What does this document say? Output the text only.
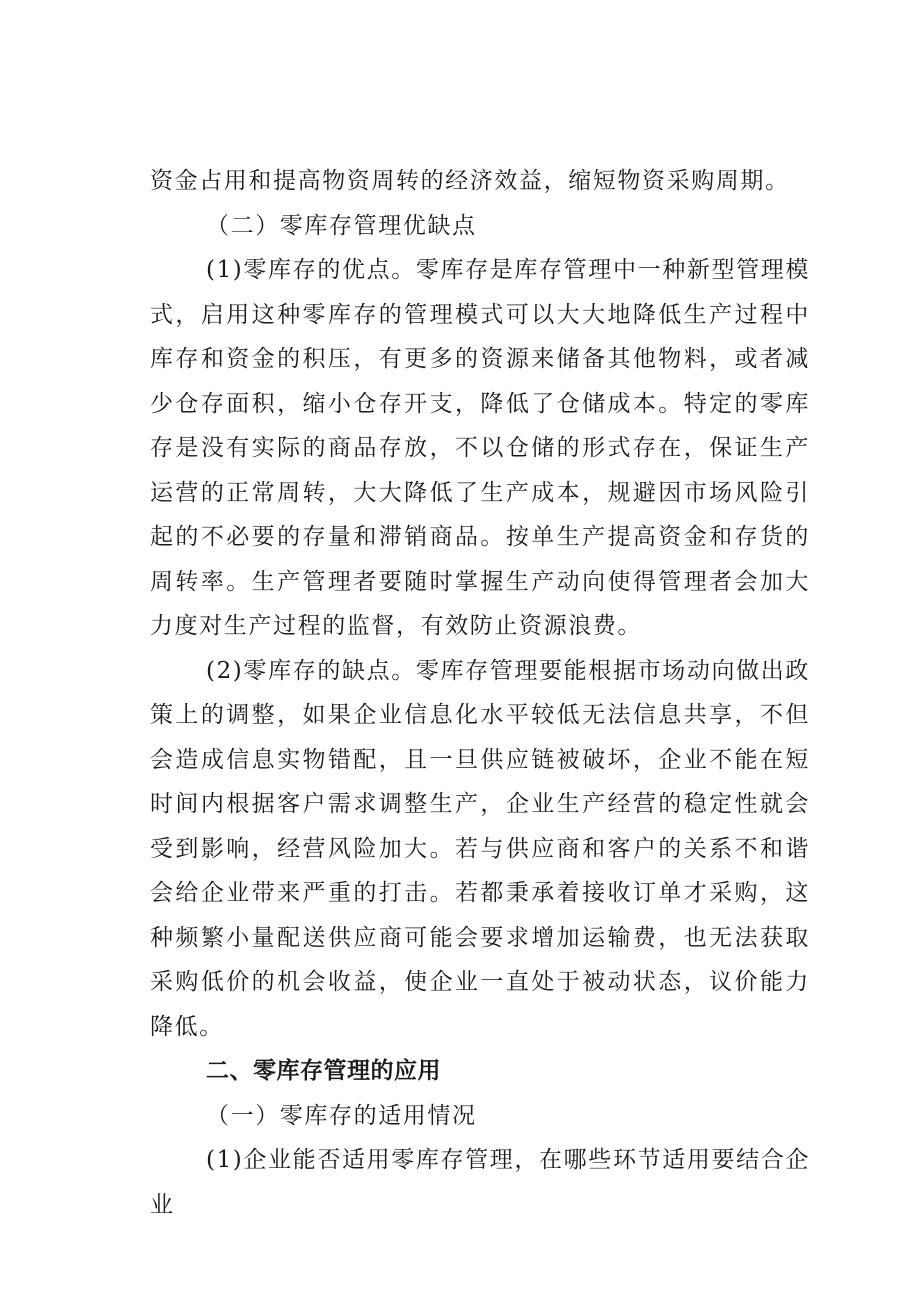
资金占用和提高物资周转的经济效益，缩短物资采购周期。

（二）零库存管理优缺点

(1)零库存的优点。零库存是库存管理中一种新型管理模式，启用这种零库存的管理模式可以大大地降低生产过程中库存和资金的积压，有更多的资源来储备其他物料，或者减少仓存面积，缩小仓存开支，降低了仓储成本。特定的零库存是没有实际的商品存放，不以仓储的形式存在，保证生产运营的正常周转，大大降低了生产成本，规避因市场风险引起的不必要的存量和滞销商品。按单生产提高资金和存货的周转率。生产管理者要随时掌握生产动向使得管理者会加大力度对生产过程的监督，有效防止资源浪费。

(2)零库存的缺点。零库存管理要能根据市场动向做出政策上的调整，如果企业信息化水平较低无法信息共享，不但会造成信息实物错配，且一旦供应链被破坏，企业不能在短时间内根据客户需求调整生产，企业生产经营的稳定性就会受到影响，经营风险加大。若与供应商和客户的关系不和谐会给企业带来严重的打击。若都秉承着接收订单才采购，这种频繁小量配送供应商可能会要求增加运输费，也无法获取采购低价的机会收益，使企业一直处于被动状态，议价能力降低。

二、零库存管理的应用

（一）零库存的适用情况

(1)企业能否适用零库存管理，在哪些环节适用要结合企业
